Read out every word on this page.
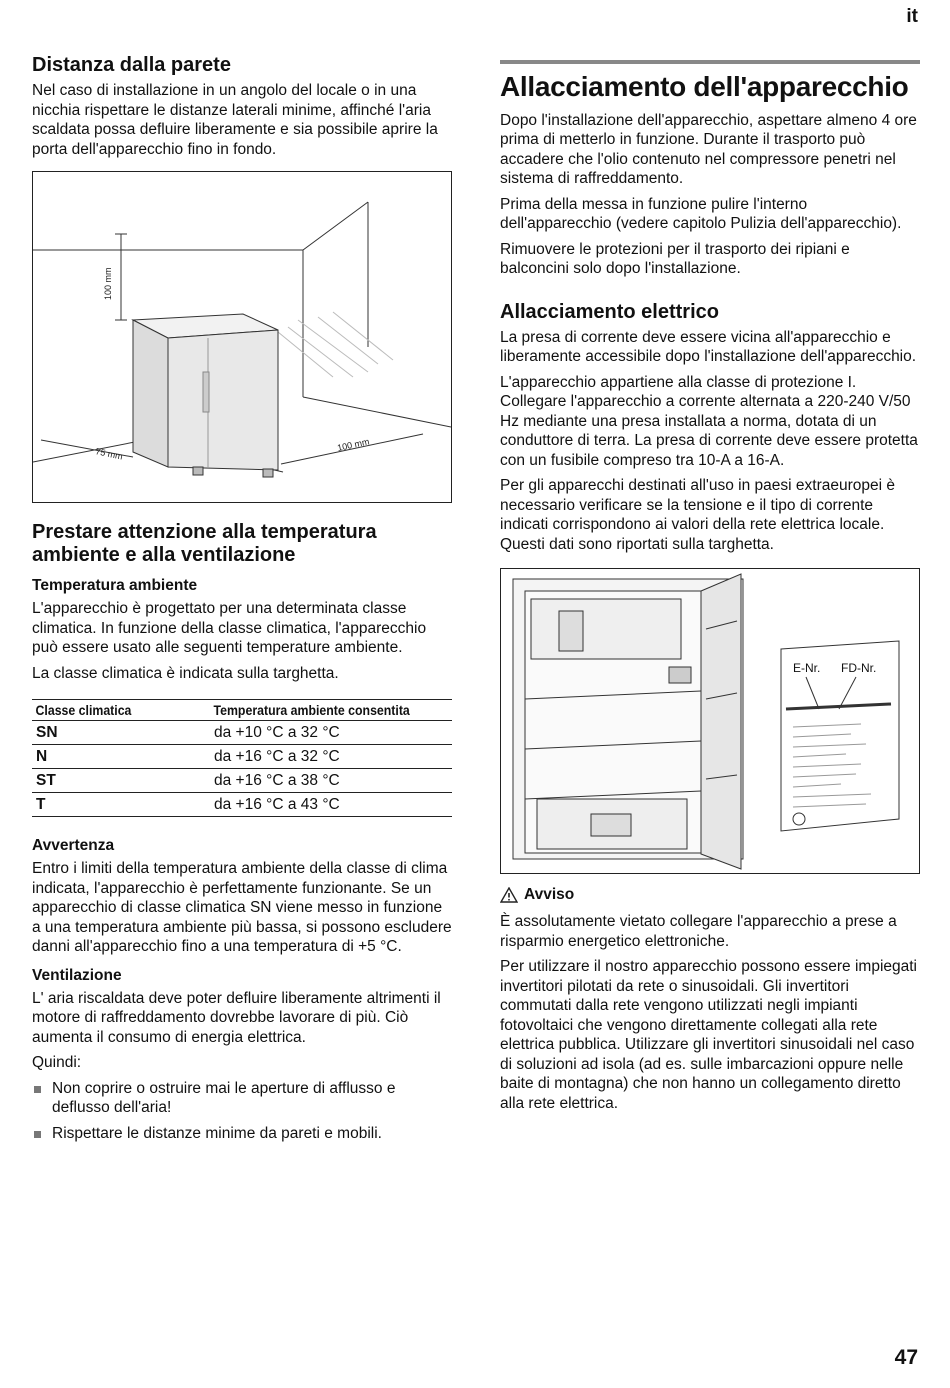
it
Distanza dalla parete

Nel caso di installazione in un angolo del locale o in una nicchia rispettare le distanze laterali minime, affinché l'aria scaldata possa defluire liberamente e sia possibile aprire la porta dell'apparecchio fino in fondo.

100 mm
75 mm
100 mm
Prestare attenzione alla temperatura ambiente e alla ventilazione
Temperatura ambiente

L'apparecchio è progettato per una determinata classe climatica. In funzione della classe climatica, l'apparecchio può essere usato alle seguenti temperature ambiente.

La classe climatica è indicata sulla targhetta.

Classe climatica	Temperatura ambiente consentita
SN	da +10 °C a 32 °C
N	da +16 °C a 32 °C
ST	da +16 °C a 38 °C
T	da +16 °C a 43 °C
Avvertenza

Entro i limiti della temperatura ambiente della classe di clima indicata, l'apparecchio è perfettamente funzionante. Se un apparecchio di classe climatica SN viene messo in funzione a una temperatura ambiente più bassa, si possono escludere danni all'apparecchio fino a una temperatura di +5 °C.

Ventilazione

L' aria riscaldata deve poter defluire liberamente altrimenti il motore di raffreddamento dovrebbe lavorare di più. Ciò aumenta il consumo di energia elettrica.

Quindi:

Non coprire o ostruire mai le aperture di afflusso e deflusso dell'aria!
Rispettare le distanze minime da pareti e mobili.
Allacciamento dell'apparecchio

Dopo l'installazione dell'apparecchio, aspettare almeno 4 ore prima di metterlo in funzione. Durante il trasporto può accadere che l'olio contenuto nel compressore penetri nel sistema di raffreddamento.

Prima della messa in funzione pulire l'interno dell'apparecchio (vedere capitolo Pulizia dell'apparecchio).

Rimuovere le protezioni per il trasporto dei ripiani e balconcini solo dopo l'installazione.

Allacciamento elettrico

La presa di corrente deve essere vicina all'apparecchio e liberamente accessibile dopo l'installazione dell'apparecchio.

L'apparecchio appartiene alla classe di protezione I. Collegare l'apparecchio a corrente alternata a 220-240 V/50 Hz mediante una presa installata a norma, dotata di un conduttore di terra. La presa di corrente deve essere protetta con un fusibile compreso tra 10-A a 16-A.

Per gli apparecchi destinati all'uso in paesi extraeuropei è necessario verificare se la tensione e il tipo di corrente indicati corrispondono ai valori della rete elettrica locale. Questi dati sono riportati sulla targhetta.

E-Nr. FD-Nr.
Avviso

È assolutamente vietato collegare l'apparecchio a prese a risparmio energetico elettroniche.

Per utilizzare il nostro apparecchio possono essere impiegati invertitori pilotati da rete o sinusoidali. Gli invertitori commutati dalla rete vengono utilizzati negli impianti fotovoltaici che vengono direttamente collegati alla rete elettrica pubblica. Utilizzare gli invertitori sinusoidali nel caso di soluzioni ad isola (ad es. sulle imbarcazioni oppure nelle baite di montagna) che non hanno un collegamento diretto alla rete elettrica.

47
